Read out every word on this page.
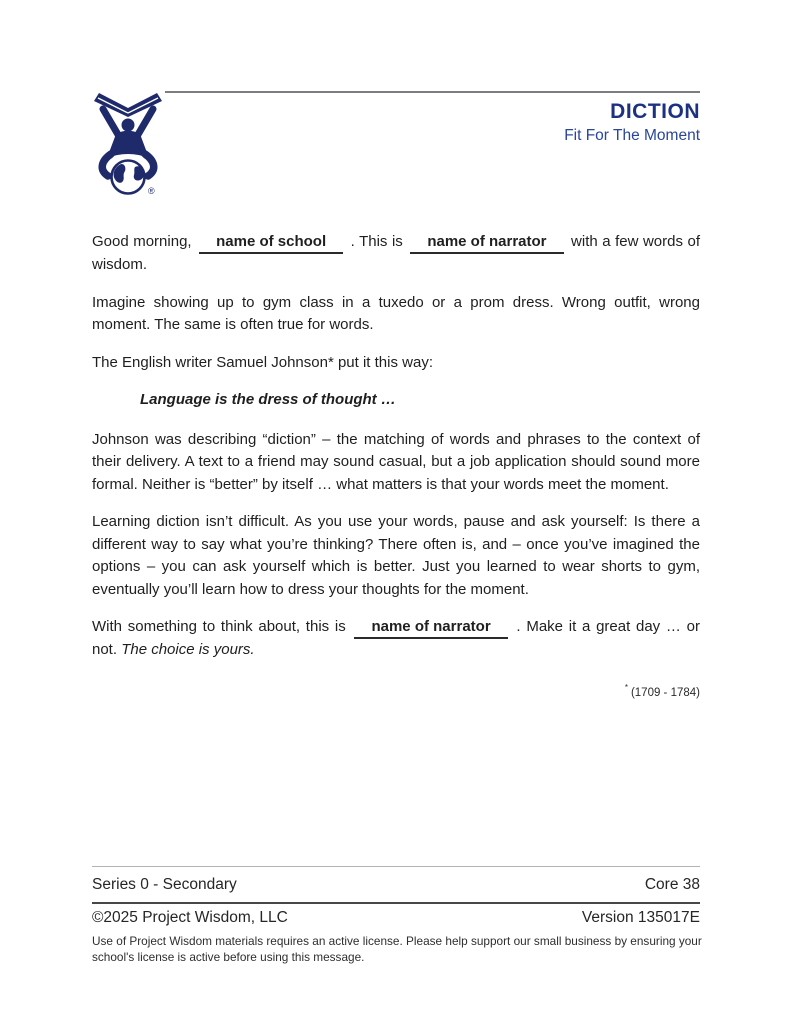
®
DICTION
Fit For The Moment

Good morning, name of school . This is name of narrator with a few words of wisdom.

Imagine showing up to gym class in a tuxedo or a prom dress. Wrong outfit, wrong moment. The same is often true for words.

The English writer Samuel Johnson* put it this way:

Language is the dress of thought …

Johnson was describing “diction” – the matching of words and phrases to the context of their delivery. A text to a friend may sound casual, but a job application should sound more formal. Neither is “better” by itself … what matters is that your words meet the moment.

Learning diction isn’t difficult. As you use your words, pause and ask yourself: Is there a different way to say what you’re thinking? There often is, and – once you’ve imagined the options – you can ask yourself which is better. Just you learned to wear shorts to gym, eventually you’ll learn how to dress your thoughts for the moment.

With something to think about, this is name of narrator . Make it a great day … or not. The choice is yours.

* (1709 - 1784)
Series 0 - Secondary	Core 38
©2025 Project Wisdom, LLC	Version 135017E
Use of Project Wisdom materials requires an active license. Please help support our small business by ensuring your school's license is active before using this message.
